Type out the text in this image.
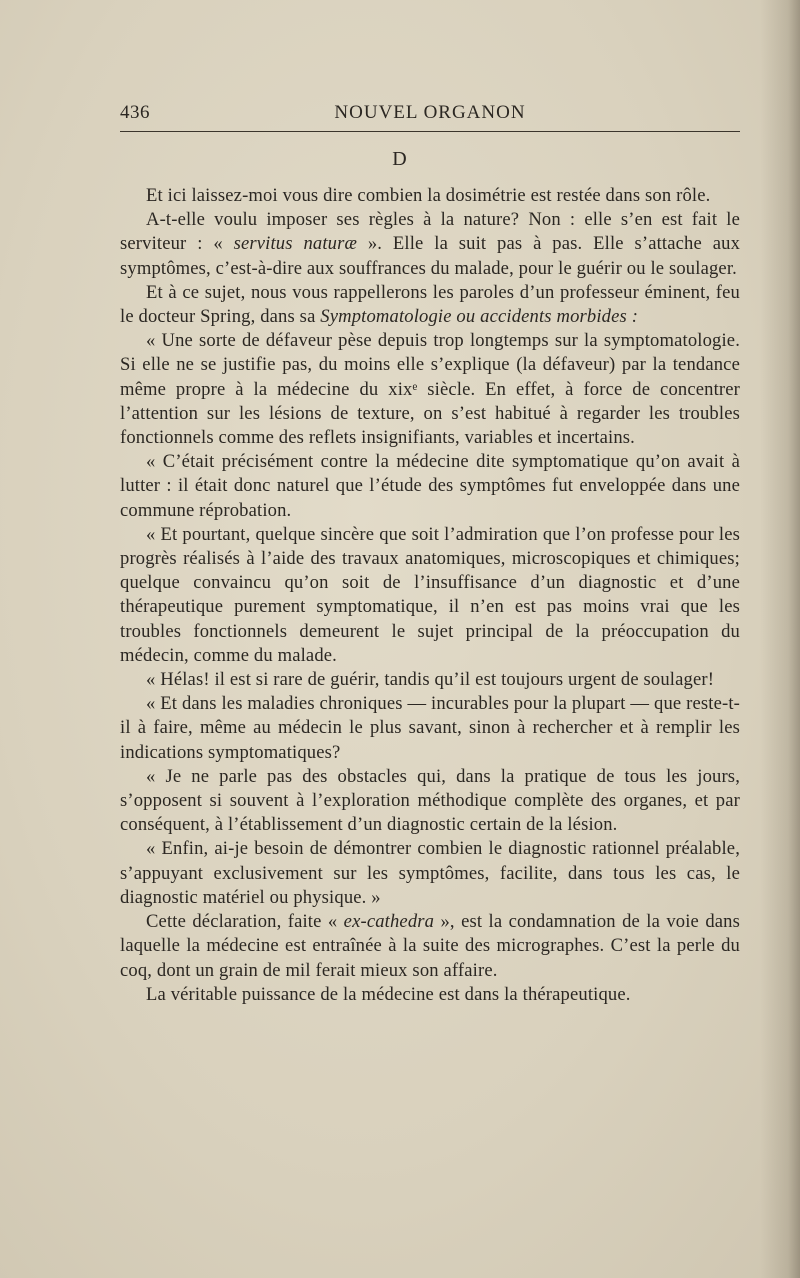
436	NOUVEL ORGANON
D

Et ici laissez-moi vous dire combien la dosimétrie est restée dans son rôle.

A-t-elle voulu imposer ses règles à la nature? Non : elle s’en est fait le serviteur : « servitus naturæ ». Elle la suit pas à pas. Elle s’attache aux symptômes, c’est-à-dire aux souffrances du malade, pour le guérir ou le soulager.

Et à ce sujet, nous vous rappellerons les paroles d’un professeur éminent, feu le docteur Spring, dans sa Symptomatologie ou accidents morbides :

« Une sorte de défaveur pèse depuis trop longtemps sur la symptomatologie. Si elle ne se justifie pas, du moins elle s’explique (la défaveur) par la tendance même propre à la médecine du xixᵉ siècle. En effet, à force de concentrer l’attention sur les lésions de texture, on s’est habitué à regarder les troubles fonctionnels comme des reflets insignifiants, variables et incertains.

« C’était précisément contre la médecine dite symptomatique qu’on avait à lutter : il était donc naturel que l’étude des symptômes fut enveloppée dans une commune réprobation.

« Et pourtant, quelque sincère que soit l’admiration que l’on professe pour les progrès réalisés à l’aide des travaux anatomiques, microscopiques et chimiques; quelque convaincu qu’on soit de l’insuffisance d’un diagnostic et d’une thérapeutique purement symptomatique, il n’en est pas moins vrai que les troubles fonctionnels demeurent le sujet principal de la préoccupation du médecin, comme du malade.

« Hélas! il est si rare de guérir, tandis qu’il est toujours urgent de soulager!

« Et dans les maladies chroniques — incurables pour la plupart — que reste-t-il à faire, même au médecin le plus savant, sinon à rechercher et à remplir les indications symptomatiques?

« Je ne parle pas des obstacles qui, dans la pratique de tous les jours, s’opposent si souvent à l’exploration méthodique complète des organes, et par conséquent, à l’établissement d’un diagnostic certain de la lésion.

« Enfin, ai-je besoin de démontrer combien le diagnostic rationnel préalable, s’appuyant exclusivement sur les symptômes, facilite, dans tous les cas, le diagnostic matériel ou physique. »

Cette déclaration, faite « ex-cathedra », est la condamnation de la voie dans laquelle la médecine est entraînée à la suite des micrographes. C’est la perle du coq, dont un grain de mil ferait mieux son affaire.

La véritable puissance de la médecine est dans la thérapeutique.
